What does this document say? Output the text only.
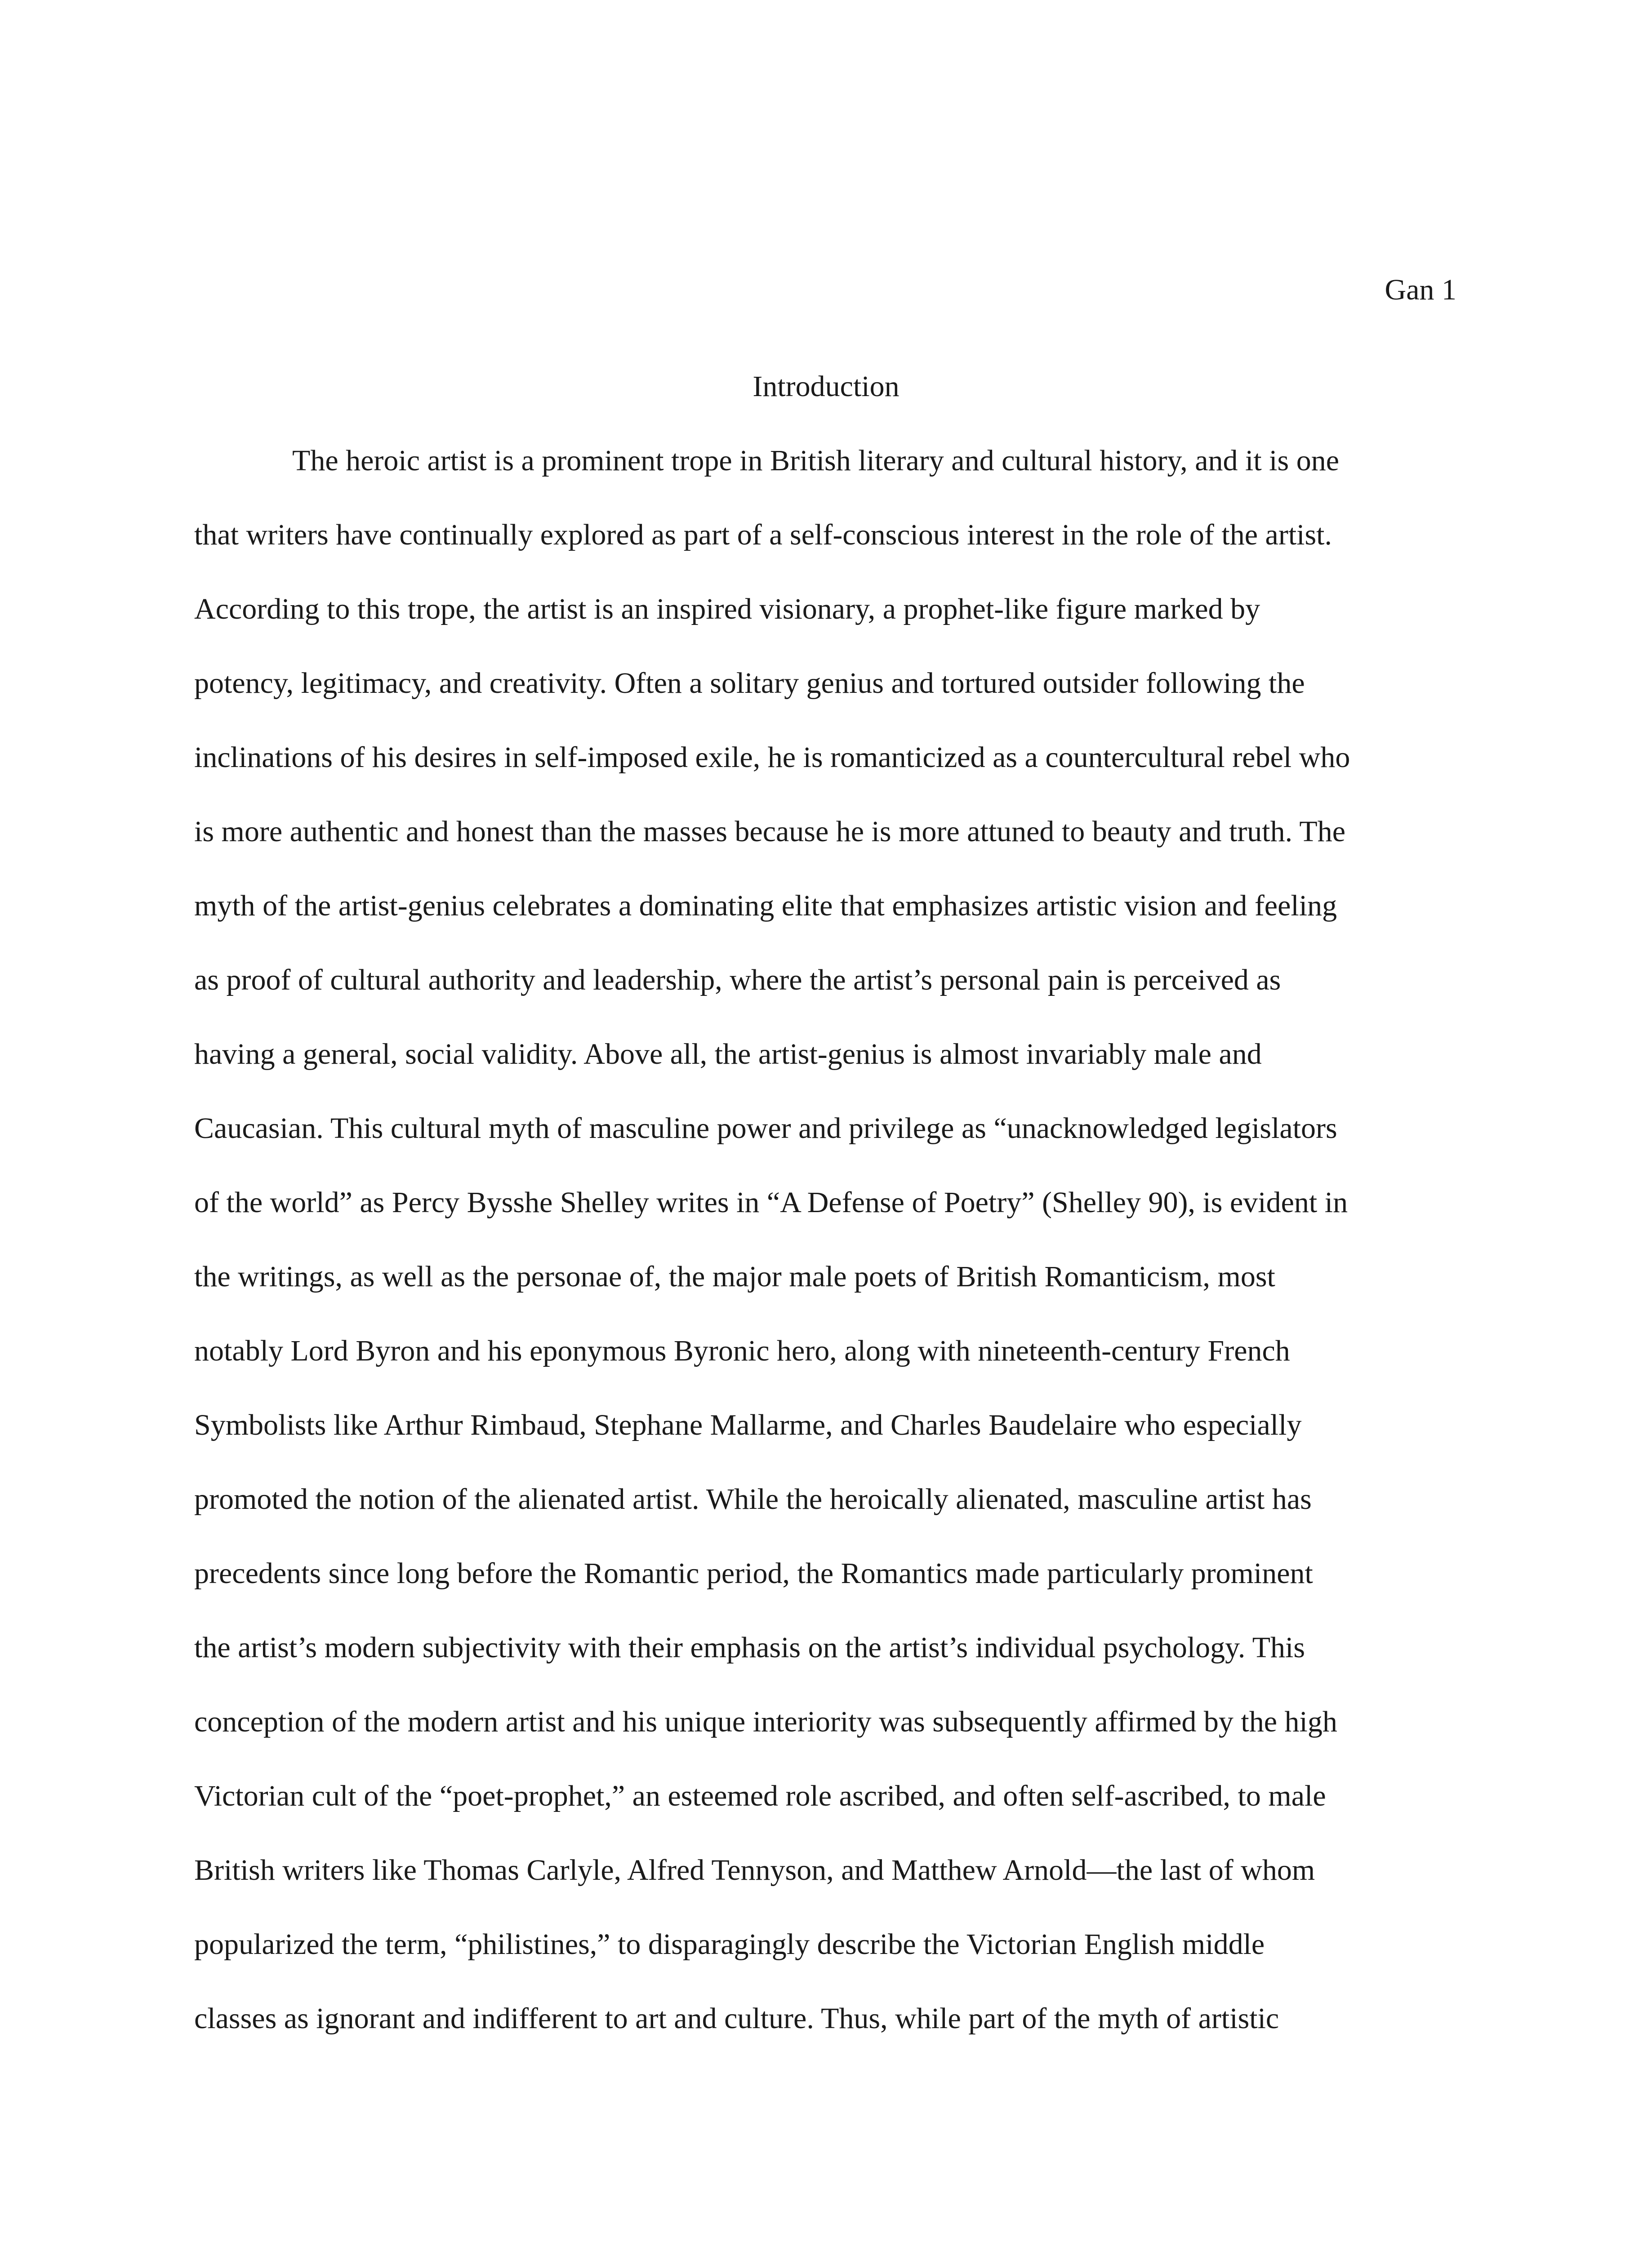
Gan 1
Introduction
The heroic artist is a prominent trope in British literary and cultural history, and it is one
that writers have continually explored as part of a self-conscious interest in the role of the artist.
According to this trope, the artist is an inspired visionary, a prophet-like figure marked by
potency, legitimacy, and creativity. Often a solitary genius and tortured outsider following the
inclinations of his desires in self-imposed exile, he is romanticized as a countercultural rebel who
is more authentic and honest than the masses because he is more attuned to beauty and truth. The
myth of the artist-genius celebrates a dominating elite that emphasizes artistic vision and feeling
as proof of cultural authority and leadership, where the artist’s personal pain is perceived as
having a general, social validity. Above all, the artist-genius is almost invariably male and
Caucasian. This cultural myth of masculine power and privilege as “unacknowledged legislators
of the world” as Percy Bysshe Shelley writes in “A Defense of Poetry” (Shelley 90), is evident in
the writings, as well as the personae of, the major male poets of British Romanticism, most
notably Lord Byron and his eponymous Byronic hero, along with nineteenth-century French
Symbolists like Arthur Rimbaud, Stephane Mallarme, and Charles Baudelaire who especially
promoted the notion of the alienated artist. While the heroically alienated, masculine artist has
precedents since long before the Romantic period, the Romantics made particularly prominent
the artist’s modern subjectivity with their emphasis on the artist’s individual psychology. This
conception of the modern artist and his unique interiority was subsequently affirmed by the high
Victorian cult of the “poet-prophet,” an esteemed role ascribed, and often self-ascribed, to male
British writers like Thomas Carlyle, Alfred Tennyson, and Matthew Arnold—the last of whom
popularized the term, “philistines,” to disparagingly describe the Victorian English middle
classes as ignorant and indifferent to art and culture. Thus, while part of the myth of artistic
